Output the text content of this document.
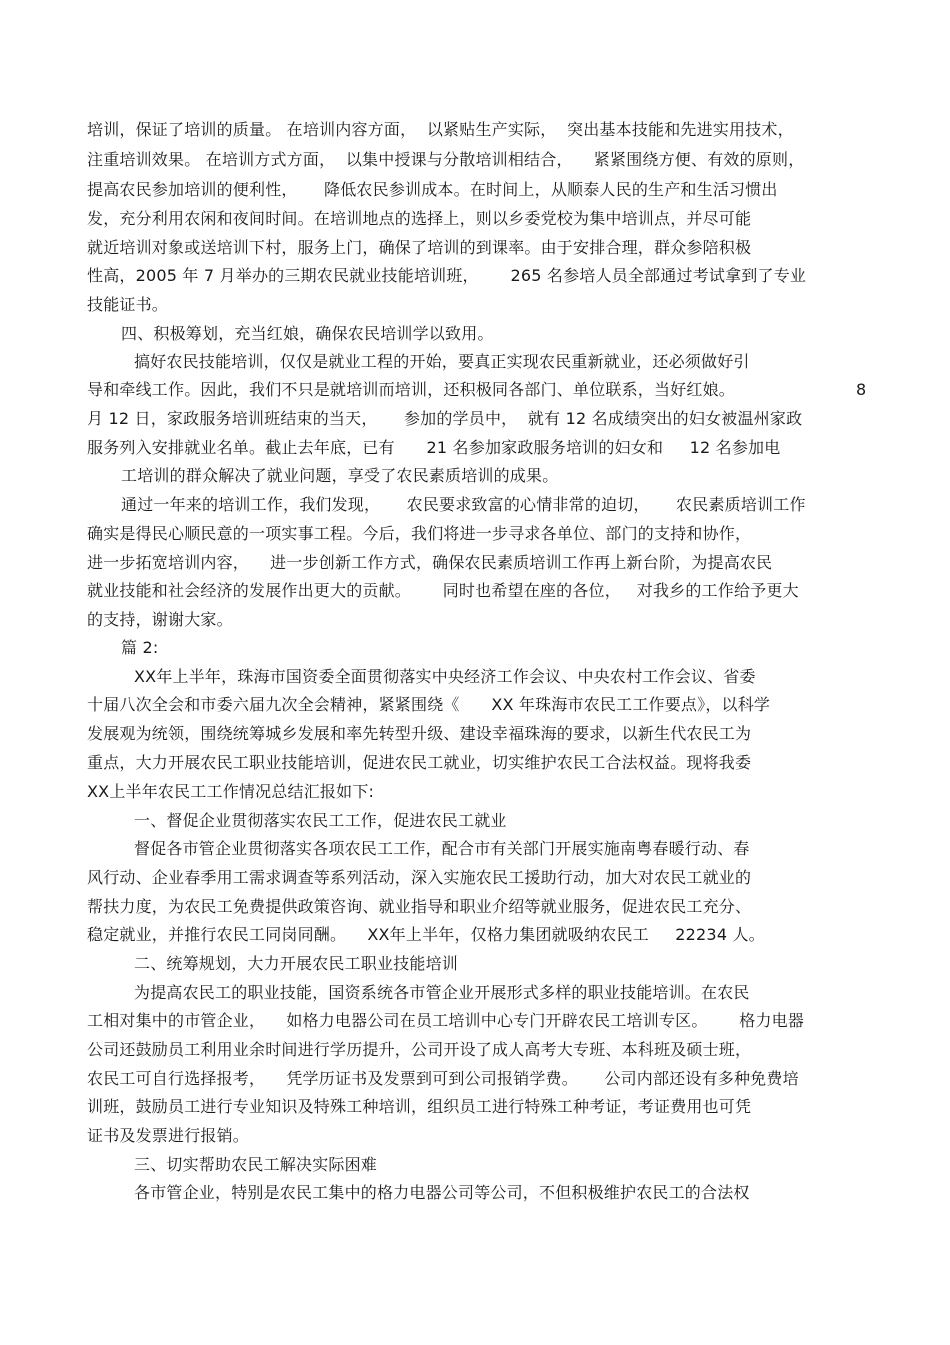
培训，保证了培训的质量。 在培训内容方面，  以紧贴生产实际，  突出基本技能和先进实用技术，
注重培训效果。 在培训方式方面，  以集中授课与分散培训相结合，    紧紧围绕方便、有效的原则，
提高农民参加培训的便利性，     降低农民参训成本。在时间上，从顺泰人民的生产和生活习惯出
发，充分利用农闲和夜间时间。在培训地点的选择上，则以乡委党校为集中培训点，并尽可能
就近培训对象或送培训下村，服务上门，确保了培训的到课率。由于安排合理，群众参陪积极
性高，2005 年 7 月举办的三期农民就业技能培训班，      265 名参培人员全部通过考试拿到了专业
技能证书。
四、积极筹划，充当红娘，确保农民培训学以致用。
搞好农民技能培训，仅仅是就业工程的开始，要真正实现农民重新就业，还必须做好引
导和牵线工作。因此，我们不只是就培训而培训，还积极同各部门、单位联系，当好红娘。	8
月 12 日，家政服务培训班结束的当天，     参加的学员中，  就有 12 名成绩突出的妇女被温州家政
服务列入安排就业名单。截止去年底，已有      21 名参加家政服务培训的妇女和     12 名参加电
工培训的群众解决了就业问题，享受了农民素质培训的成果。
通过一年来的培训工作，我们发现，     农民要求致富的心情非常的迫切，     农民素质培训工作
确实是得民心顺民意的一项实事工程。今后，我们将进一步寻求各单位、部门的支持和协作，
进一步拓宽培训内容，    进一步创新工作方式，确保农民素质培训工作再上新台阶，为提高农民
就业技能和社会经济的发展作出更大的贡献。      同时也希望在座的各位，   对我乡的工作给予更大
的支持，谢谢大家。
篇 2:
XX年上半年，珠海市国资委全面贯彻落实中央经济工作会议、中央农村工作会议、省委
十届八次全会和市委六届九次全会精神，紧紧围绕《      XX 年珠海市农民工工作要点》，以科学
发展观为统领，围绕统筹城乡发展和率先转型升级、建设幸福珠海的要求，以新生代农民工为
重点，大力开展农民工职业技能培训，促进农民工就业，切实维护农民工合法权益。现将我委
XX上半年农民工工作情况总结汇报如下:
一、督促企业贯彻落实农民工工作，促进农民工就业
督促各市管企业贯彻落实各项农民工工作，配合市有关部门开展实施南粤春暖行动、春
风行动、企业春季用工需求调查等系列活动，深入实施农民工援助行动，加大对农民工就业的
帮扶力度，为农民工免费提供政策咨询、就业指导和职业介绍等就业服务，促进农民工充分、
稳定就业，并推行农民工同岗同酬。    XX年上半年，仅格力集团就吸纳农民工     22234 人。
二、统筹规划，大力开展农民工职业技能培训
为提高农民工的职业技能，国资系统各市管企业开展形式多样的职业技能培训。在农民
工相对集中的市管企业，    如格力电器公司在员工培训中心专门开辟农民工培训专区。      格力电器
公司还鼓励员工利用业余时间进行学历提升，公司开设了成人高考大专班、本科班及硕士班，
农民工可自行选择报考，    凭学历证书及发票到可到公司报销学费。     公司内部还设有多种免费培
训班，鼓励员工进行专业知识及特殊工种培训，组织员工进行特殊工种考证，考证费用也可凭
证书及发票进行报销。
三、切实帮助农民工解决实际困难
各市管企业，特别是农民工集中的格力电器公司等公司，不但积极维护农民工的合法权
